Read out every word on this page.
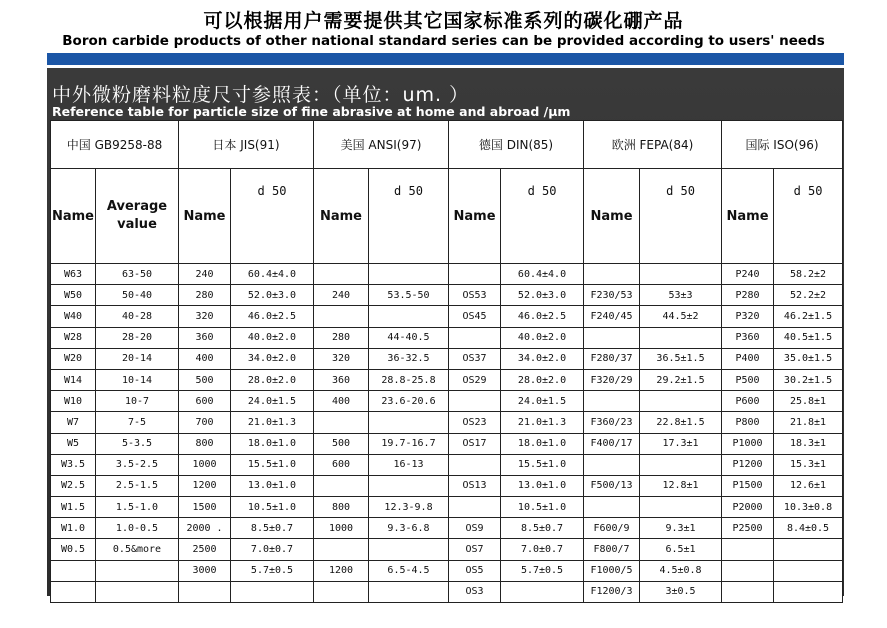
可以根据用户需要提供其它国家标准系列的碳化硼产品
Boron carbide products of other national standard series can be provided according to users' needs
中外微粉磨料粒度尺寸参照表：（单位：um. ）
Reference table for particle size of fine abrasive at home and abroad /μm
中国 GB9258-88		日本 JIS(91)		美国 ANSI(97)		德国 DIN(85)		欧洲 FEPA(84)		国际 ISO(96)	
Name	Average value	Name	d 50	Name	d 50	Name	d 50	Name	d 50	Name	d 50
W63	63-50	240	60.4±4.0				60.4±4.0			P240	58.2±2
W50	50-40	280	52.0±3.0	240	53.5-50	OS53	52.0±3.0	F230/53	53±3	P280	52.2±2
W40	40-28	320	46.0±2.5			OS45	46.0±2.5	F240/45	44.5±2	P320	46.2±1.5
W28	28-20	360	40.0±2.0	280	44-40.5		40.0±2.0			P360	40.5±1.5
W20	20-14	400	34.0±2.0	320	36-32.5	OS37	34.0±2.0	F280/37	36.5±1.5	P400	35.0±1.5
W14	10-14	500	28.0±2.0	360	28.8-25.8	OS29	28.0±2.0	F320/29	29.2±1.5	P500	30.2±1.5
W10	10-7	600	24.0±1.5	400	23.6-20.6		24.0±1.5			P600	25.8±1
W7	7-5	700	21.0±1.3			OS23	21.0±1.3	F360/23	22.8±1.5	P800	21.8±1
W5	5-3.5	800	18.0±1.0	500	19.7-16.7	OS17	18.0±1.0	F400/17	17.3±1	P1000	18.3±1
W3.5	3.5-2.5	1000	15.5±1.0	600	16-13		15.5±1.0			P1200	15.3±1
W2.5	2.5-1.5	1200	13.0±1.0			OS13	13.0±1.0	F500/13	12.8±1	P1500	12.6±1
W1.5	1.5-1.0	1500	10.5±1.0	800	12.3-9.8		10.5±1.0			P2000	10.3±0.8
W1.0	1.0-0.5	2000 .	8.5±0.7	1000	9.3-6.8	OS9	8.5±0.7	F600/9	9.3±1	P2500	8.4±0.5
W0.5	0.5&more	2500	7.0±0.7			OS7	7.0±0.7	F800/7	6.5±1		
		3000	5.7±0.5	1200	6.5-4.5	OS5	5.7±0.5	F1000/5	4.5±0.8		
						OS3		F1200/3	3±0.5		
